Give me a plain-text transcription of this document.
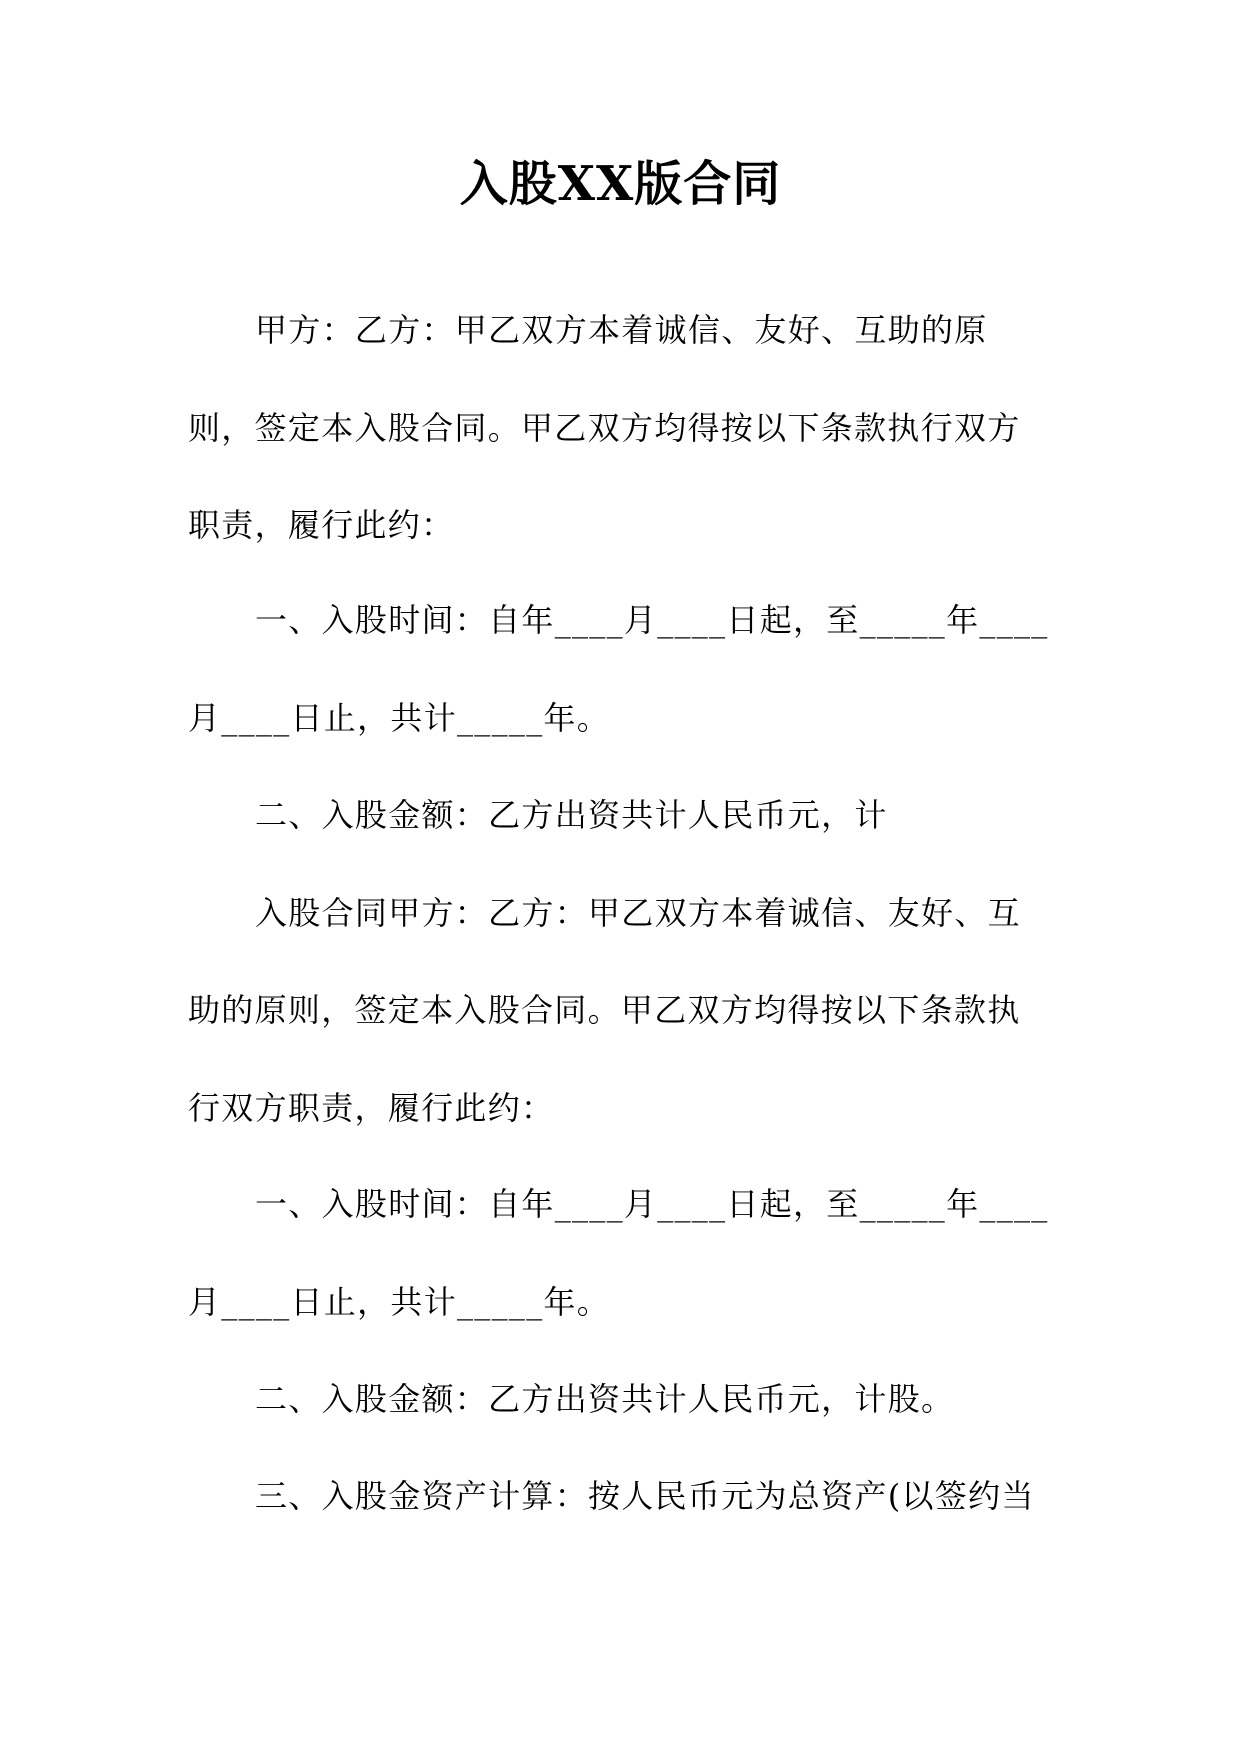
入股XX版合同
甲方：乙方：甲乙双方本着诚信、友好、互助的原
则，签定本入股合同。甲乙双方均得按以下条款执行双方
职责，履行此约：
一、入股时间：自年____月____日起，至_____年____
月____日止，共计_____年。
二、入股金额：乙方出资共计人民币元，计
入股合同甲方：乙方：甲乙双方本着诚信、友好、互
助的原则，签定本入股合同。甲乙双方均得按以下条款执
行双方职责，履行此约：
一、入股时间：自年____月____日起，至_____年____
月____日止，共计_____年。
二、入股金额：乙方出资共计人民币元，计股。
三、入股金资产计算：按人民币元为总资产(以签约当
